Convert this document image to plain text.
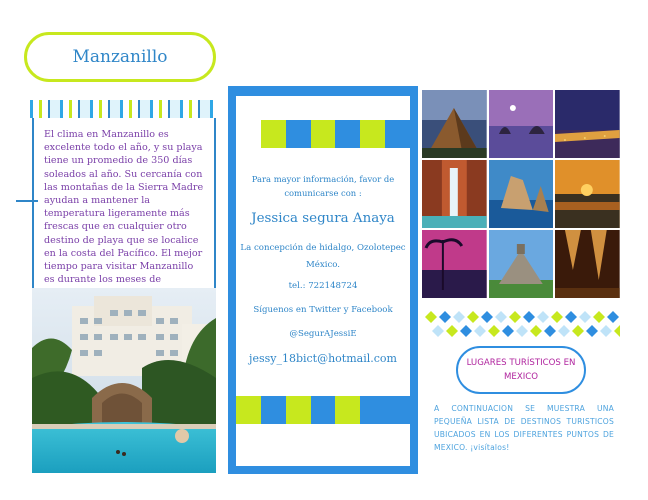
Manzanillo
El clima en Manzanillo es excelente todo el año, y su playa tiene un promedio de 350 días soleados al año. Su cercanía con las montañas de la Sierra Madre ayudan a mantener la temperatura ligeramente más frescas que en cualquier otro destino de playa que se localice en la costa del Pacífico. El mejor tiempo para visitar Manzanillo es durante los meses de
Para mayor información, favor de comunicarse con :
Jessica segura Anaya
La concepción de hidalgo, Ozolotepec México.
tel.: 722148724
Síguenos en Twitter y Facebook
@SegurAJessiE
jessy_18bict@hotmail.com	LUGARES TURÍSTICOS EN MEXICO
A CONTINUACION SE MUESTRA UNA PEQUEÑA LISTA DE DESTINOS TURISTICOS UBICADOS EN LOS DIFERENTES PUNTOS DE MEXICO. ¡visítalos!
